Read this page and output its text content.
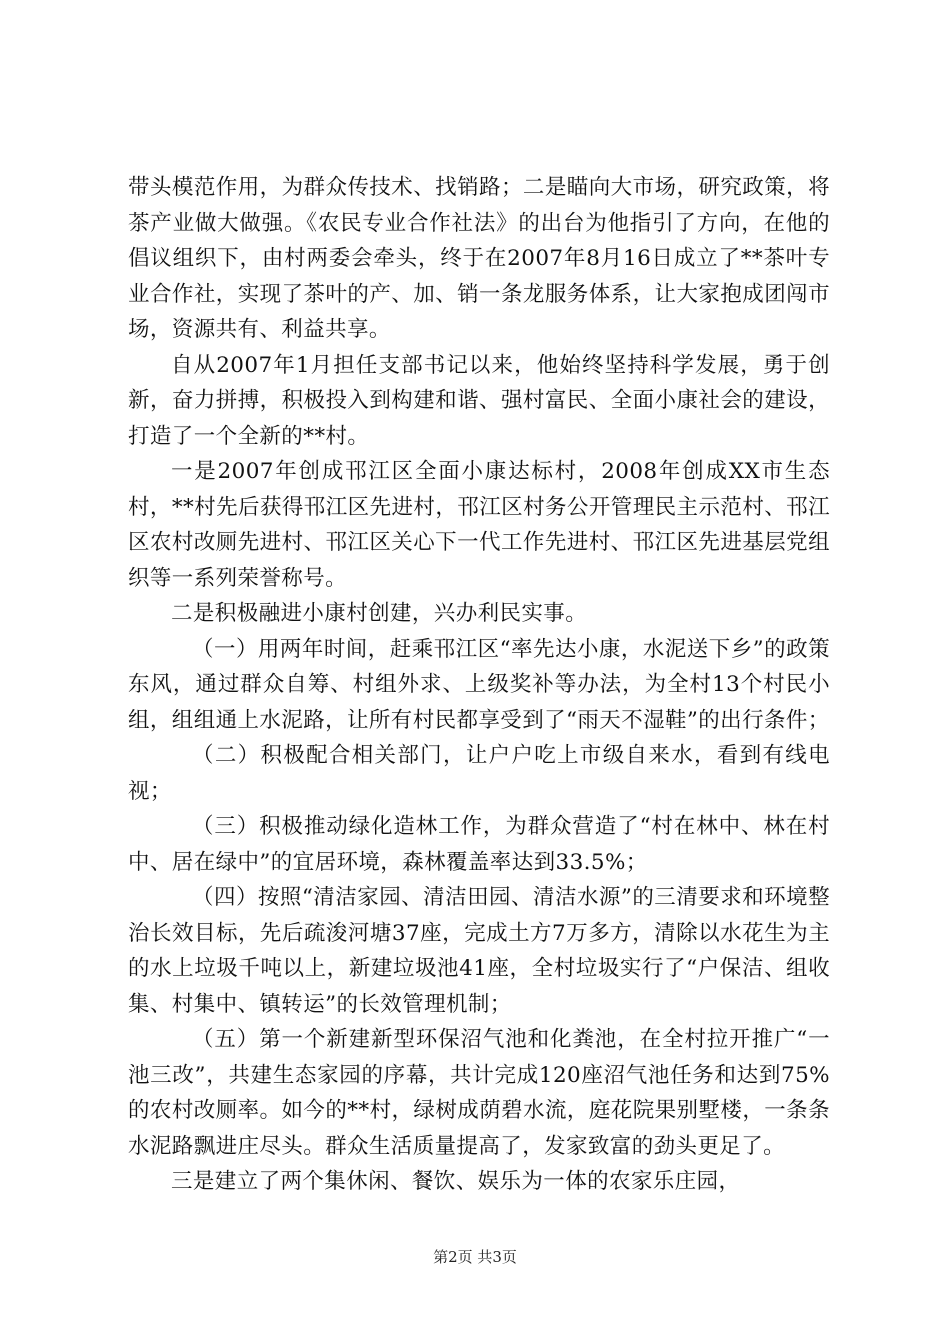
带头模范作用，为群众传技术、找销路；二是瞄向大市场，研究政策，将茶产业做大做强。《农民专业合作社法》的出台为他指引了方向，在他的倡议组织下，由村两委会牵头，终于在2007年8月16日成立了**茶叶专业合作社，实现了茶叶的产、加、销一条龙服务体系，让大家抱成团闯市场，资源共有、利益共享。

自从2007年1月担任支部书记以来，他始终坚持科学发展，勇于创新，奋力拼搏，积极投入到构建和谐、强村富民、全面小康社会的建设，打造了一个全新的**村。

一是2007年创成邗江区全面小康达标村，2008年创成XX市生态村，**村先后获得邗江区先进村，邗江区村务公开管理民主示范村、邗江区农村改厕先进村、邗江区关心下一代工作先进村、邗江区先进基层党组织等一系列荣誉称号。

二是积极融进小康村创建，兴办利民实事。

（一）用两年时间，赶乘邗江区“率先达小康，水泥送下乡”的政策东风，通过群众自筹、村组外求、上级奖补等办法，为全村13个村民小组，组组通上水泥路，让所有村民都享受到了“雨天不湿鞋”的出行条件；

（二）积极配合相关部门，让户户吃上市级自来水，看到有线电视；

（三）积极推动绿化造林工作，为群众营造了“村在林中、林在村中、居在绿中”的宜居环境，森林覆盖率达到33.5%；

（四）按照“清洁家园、清洁田园、清洁水源”的三清要求和环境整治长效目标，先后疏浚河塘37座，完成土方7万多方，清除以水花生为主的水上垃圾千吨以上，新建垃圾池41座，全村垃圾实行了“户保洁、组收集、村集中、镇转运”的长效管理机制；

（五）第一个新建新型环保沼气池和化粪池，在全村拉开推广“一池三改”，共建生态家园的序幕，共计完成120座沼气池任务和达到75%的农村改厕率。如今的**村，绿树成荫碧水流，庭花院果别墅楼，一条条水泥路飘进庄尽头。群众生活质量提高了，发家致富的劲头更足了。

三是建立了两个集休闲、餐饮、娱乐为一体的农家乐庄园，

第2页 共3页
